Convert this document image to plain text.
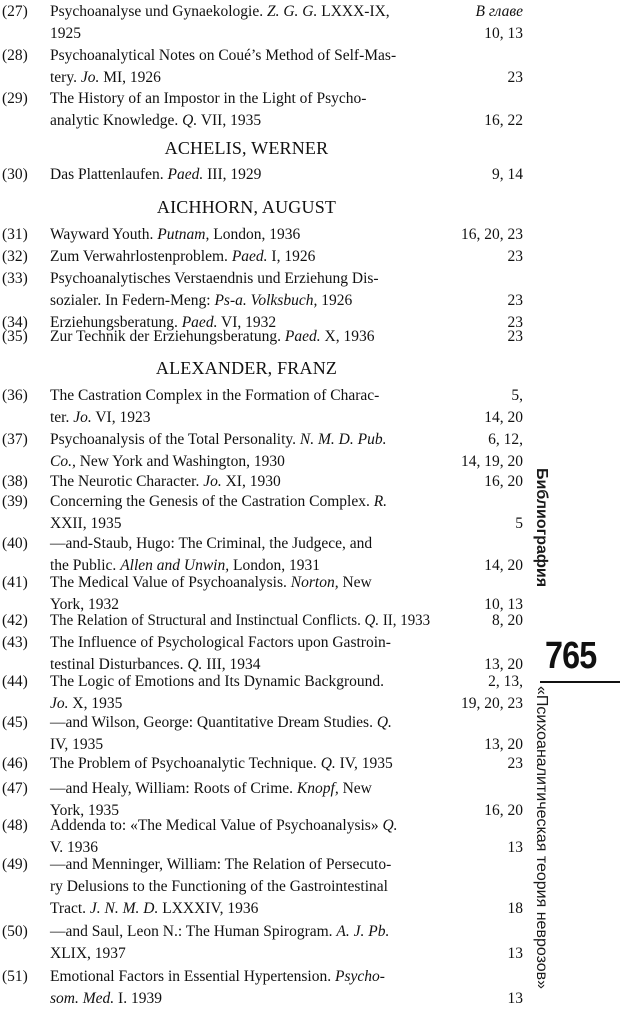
В главе
ACHELIS, WERNER
AICHHORN, AUGUST
ALEXANDER, FRANZ
(27) Psychoanalyse und Gynaekologie. Z. G. G. LXXX-IX,
1925	10, 13
(28) Psychoanalytical Notes on Coué’s Method of Self-Mas-
tery. Jo. MI, 1926	23
(29) The History of an Impostor in the Light of Psycho-
analytic Knowledge. Q. VII, 1935	16, 22
(30) Das Plattenlaufen. Paed. III, 1929	9, 14
(31) Wayward Youth. Putnam, London, 1936	16, 20, 23
(32) Zum Verwahrlostenproblem. Paed. I, 1926	23
(33) Psychoanalytisches Verstaendnis und Erziehung Dis-
sozialer. In Federn-Meng: Ps-a. Volksbuch, 1926	23
(34) Erziehungsberatung. Paed. VI, 1932	23
(35) Zur Technik der Erziehungsberatung. Paed. X, 1936	23
(36) The Castration Complex in the Formation of Charac-	5,
ter. Jo. VI, 1923	14, 20
(37) Psychoanalysis of the Total Personality. N. M. D. Pub.	6, 12,
Co., New York and Washington, 1930	14, 19, 20
(38) The Neurotic Character. Jo. XI, 1930	16, 20
(39) Concerning the Genesis of the Castration Complex. R.
XXII, 1935	5
(40) —and-Staub, Hugo: The Criminal, the Judgece, and
the Public. Allen and Unwin, London, 1931	14, 20
(41) The Medical Value of Psychoanalysis. Norton, New
York, 1932	10, 13
(42) The Relation of Structural and Instinctual Conflicts. Q. II, 1933	8, 20
(43) The Influence of Psychological Factors upon Gastroin-
testinal Disturbances. Q. III, 1934	13, 20
(44) The Logic of Emotions and Its Dynamic Background.	2, 13,
Jo. X, 1935	19, 20, 23
(45) —and Wilson, George: Quantitative Dream Studies. Q.
IV, 1935	13, 20
(46) The Problem of Psychoanalytic Technique. Q. IV, 1935	23
(47) —and Healy, William: Roots of Crime. Knopf, New
York, 1935	16, 20
(48) Addenda to: «The Medical Value of Psychoanalysis» Q.
V. 1936	13
(49) —and Menninger, William: The Relation of Persecuto-
ry Delusions to the Functioning of the Gastrointestinal
Tract. J. N. M. D. LXXXIV, 1936	18
(50) —and Saul, Leon N.: The Human Spirogram. A. J. Pb.
XLIX, 1937	13
(51) Emotional Factors in Essential Hypertension. Psycho-
som. Med. I. 1939	13
Библиография
«Психоаналитическая теория неврозов»
765
